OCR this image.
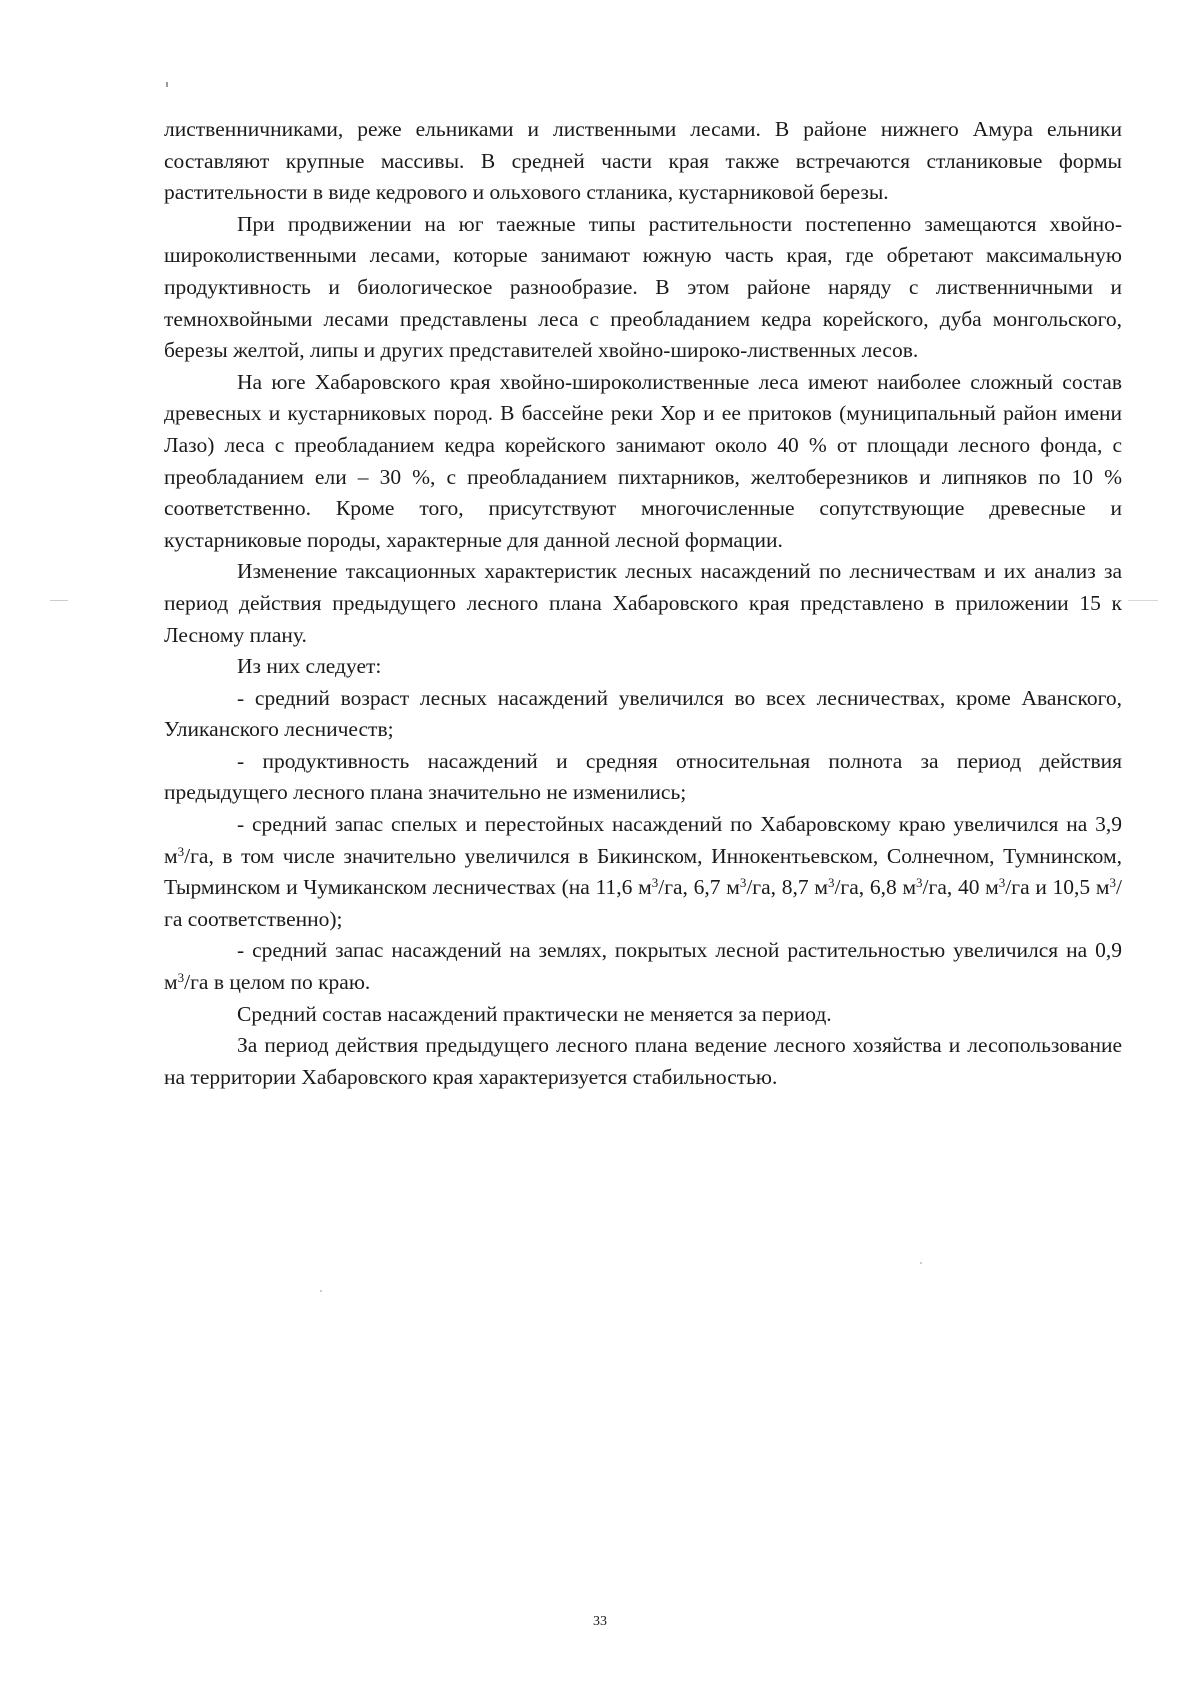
лиственничниками, реже ельниками и лиственными лесами. В районе нижнего Амура ельники составляют крупные массивы. В средней части края также встречаются стланиковые формы растительности в виде кедрового и ольхового стланика, кустарниковой березы.

При продвижении на юг таежные типы растительности постепенно замещаются хвойно-широколиственными лесами, которые занимают южную часть края, где обретают максимальную продуктивность и биологическое разнообразие. В этом районе наряду с лиственничными и темнохвойными лесами представлены леса с преобладанием кедра корейского, дуба монгольского, березы желтой, липы и других представителей хвойно-широко-лиственных лесов.

На юге Хабаровского края хвойно-широколиственные леса имеют наиболее сложный состав древесных и кустарниковых пород. В бассейне реки Хор и ее притоков (муниципальный район имени Лазо) леса с преобладанием кедра корейского занимают около 40 % от площади лесного фонда, с преобладанием ели – 30 %, с преобладанием пихтарников, желтоберезников и липняков по 10 % соответственно. Кроме того, присутствуют многочисленные сопутствующие древесные и кустарниковые породы, характерные для данной лесной формации.

Изменение таксационных характеристик лесных насаждений по лесничествам и их анализ за период действия предыдущего лесного плана Хабаровского края представлено в приложении 15 к Лесному плану.

Из них следует:

- средний возраст лесных насаждений увеличился во всех лесничествах, кроме Аванского, Уликанского лесничеств;

- продуктивность насаждений и средняя относительная полнота за период действия предыдущего лесного плана значительно не изменились;

- средний запас спелых и перестойных насаждений по Хабаровскому краю увеличился на 3,9 $м^3/га$, в том числе значительно увеличился в Бикинском, Иннокентьевском, Солнечном, Тумнинском, Тырминском и Чумиканском лесничествах (на 11,6 $м^3/га$, 6,7 $м^3/га$, 8,7 $м^3/га$, 6,8 $м^3/га$, 40 $м^3/га$ и 10,5 $м^3/га$ соответственно);

- средний запас насаждений на землях, покрытых лесной растительностью увеличился на 0,9 $м^3/га$ в целом по краю.

Средний состав насаждений практически не меняется за период.

За период действия предыдущего лесного плана ведение лесного хозяйства и лесопользование на территории Хабаровского края характеризуется стабильностью.

33
